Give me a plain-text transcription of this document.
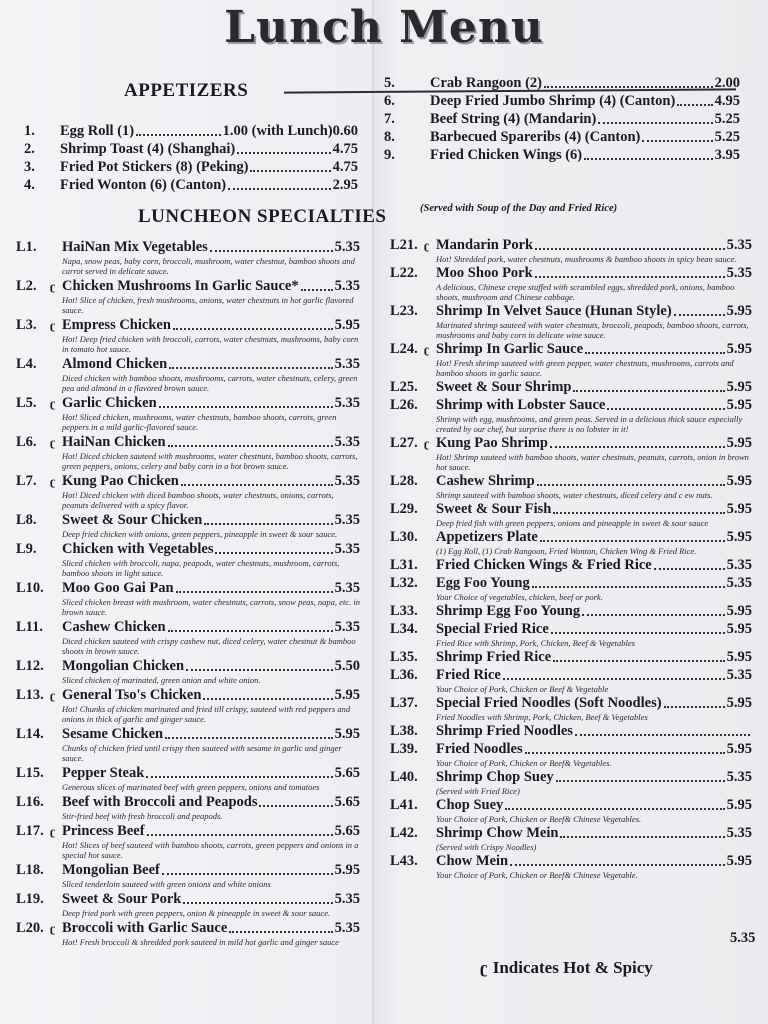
Lunch Menu
APPETIZERS
1.	Egg Roll (1)	1.00 (with Lunch)0.60
2.	Shrimp Toast (4) (Shanghai)	4.75
3.	Fried Pot Stickers (8) (Peking)	4.75
4.	Fried Wonton (6) (Canton)	2.95
5.	Crab Rangoon (2)	2.00
6.	Deep Fried Jumbo Shrimp (4) (Canton)	4.95
7.	Beef String (4) (Mandarin)	5.25
8.	Barbecued Spareribs (4) (Canton)	5.25
9.	Fried Chicken Wings (6)	3.95
LUNCHEON SPECIALTIES	(Served with Soup of the Day and Fried Rice)
L1.	HaiNan Mix Vegetables	5.35
Napa, snow peas, baby corn, broccoli, mushroom, water chestnut, bamboo shoots and carrot served in delicate sauce.
L2.	ʗ Chicken Mushrooms In Garlic Sauce* 5.35
Hot! Slice of chicken, fresh mushrooms, onions, water chestnuts in hot garlic flavored sauce.
L3.	ʗ Empress Chicken	5.95
Hot! Deep fried chicken with broccoli, carrots, water chestnuts, mushrooms, baby corn in tomato hot sauce.
L4.	Almond Chicken	5.35
Diced chicken with bamboo shoots, mushrooms, carrots, water chestnuts, celery, green pea and almond in a flavored brown sauce.
L5.	ʗ Garlic Chicken	5.35
Hot! Sliced chicken, mushrooms, water chestnuts, bamboo shoots, carrots, green peppers in a mild garlic-flavored sauce.
L6.	ʗ HaiNan Chicken	5.35
Hot! Diced chicken sauteed with mushrooms, water chestnuts, bamboo shoots, carrots, green peppers, onions, celery and baby corn in a hot brown sauce.
L7.	ʗ Kung Pao Chicken	5.35
Hot! Diced chicken with diced bamboo shoots, water chestnuts, onions, carrots, peanuts delivered with a spicy flavor.
L8.	Sweet & Sour Chicken	5.35
Deep fried chicken with onions, green peppers, pineapple in sweet & sour sauce.
L9.	Chicken with Vegetables	5.35
Sliced chicken with broccoli, napa, peapods, water chestnuts, mushroom, carrots, bamboo shoots in light sauce.
L10.	Moo Goo Gai Pan	5.35
Sliced chicken breast with mushroom, water chestnuts, carrots, snow peas, napa, etc. in brown sauce.
L11.	Cashew Chicken	5.35
Diced chicken sauteed with crispy cashew nut, diced celery, water chestnut & bamboo shoots in brown sauce.
L12.	Mongolian Chicken	5.50
Sliced chicken of marinated, green onion and white onion.
L13. ʗ General Tso's Chicken	5.95
Hot! Chunks of chicken marinated and fried till crispy, sauteed with red peppers and onions in thick of garlic and ginger sauce.
L14.	Sesame Chicken	5.95
Chunks of chicken fried until crispy then sauteed with sesame in garlic and ginger sauce.
L15.	Pepper Steak	5.65
Generous slices of marinated beef with green peppers, onions and tomatoes
L16.	Beef with Broccoli and Peapods	5.65
Stir-fried beef with fresh broccoli and peapods.
L17. ʗ Princess Beef	5.65
Hot! Slices of beef sauteed with bamboo shoots, carrots, green peppers and onions in a special hot sauce.
L18.	Mongolian Beef	5.95
Sliced tenderloin sauteed with green onions and white onions
L19.	Sweet & Sour Pork	5.35
Deep fried pork with green peppers, onion & pineapple in sweet & sour sauce.
L20. ʗ Broccoli with Garlic Sauce	5.35
Hot! Fresh broccoli & shredded pork sauteed in mild hot garlic and ginger sauce
L21. ʗ Mandarin Pork	5.35
Hot! Shredded pork, water chestnuts, mushrooms & bamboo shoots in spicy bean sauce.
L22.	Moo Shoo Pork	5.35
A delicious, Chinese crepe stuffed with scrambled eggs, shredded pork, onions, bamboo shoots, mushroom and Chinese cabbage.
L23.	Shrimp In Velvet Sauce (Hunan Style)	5.95
Marinated shrimp sauteed with water chestnuts, broccoli, peapods, bamboo shoots, carrots, mushrooms and baby corn in delicate wine sauce.
L24. ʗ Shrimp In Garlic Sauce	5.95
Hot! Fresh shrimp sauteed with green pepper, water chestnuts, mushrooms, carrots and bamboo shoots in garlic sauce.
L25.	Sweet & Sour Shrimp	5.95
L26.	Shrimp with Lobster Sauce	5.95
Shrimp with egg, mushrooms, and green peas. Served in a delicious thick sauce especially created by our chef, but surprise there is no lobster in it!
L27. ʗ Kung Pao Shrimp	5.95
Hot! Shrimp sauteed with bamboo shoots, water chestnuts, peanuts, carrots, onion in brown hot sauce.
L28.	Cashew Shrimp	5.95
Shrimp sauteed with bamboo shoots, water chestnuts, diced celery and c ew nuts.
L29.	Sweet & Sour Fish	5.95
Deep fried fish with green peppers, onions and pineapple in sweet & sour sauce
L30.	Appetizers Plate	5.95
(1) Egg Roll, (1) Crab Rangoon, Fried Wonton, Chicken Wing & Fried Rice.
L31.	Fried Chicken Wings & Fried Rice	5.35
L32.	Egg Foo Young	5.35
Your Choice of vegetables, chicken, beef or pork.
L33.	Shrimp Egg Foo Young	5.95
L34.	Special Fried Rice	5.95
Fried Rice with Shrimp, Pork, Chicken, Beef & Vegetables
L35.	Shrimp Fried Rice	5.95
L36.	Fried Rice	5.35
Your Choice of Pork, Chicken or Beef & Vegetable
L37.	Special Fried Noodles (Soft Noodles)	5.95
Fried Noodles with Shrimp, Pork, Chicken, Beef & Vegetables
L38.	Shrimp Fried Noodles
L39.	Fried Noodles	5.95
Your Choice of Pork, Chicken or Beef& Vegetables.
L40.	Shrimp Chop Suey	5.35
(Served with Fried Rice)
L41.	Chop Suey	5.95
Your Choice of Pork, Chicken or Beef& Chinese Vegetables.
L42.	Shrimp Chow Mein	5.35
(Served with Crispy Noodles)
L43.	Chow Mein	5.95
Your Choice of Pork, Chicken or Beef& Chinese Vegetable.
ʗ Indicates Hot & Spicy
5.35
